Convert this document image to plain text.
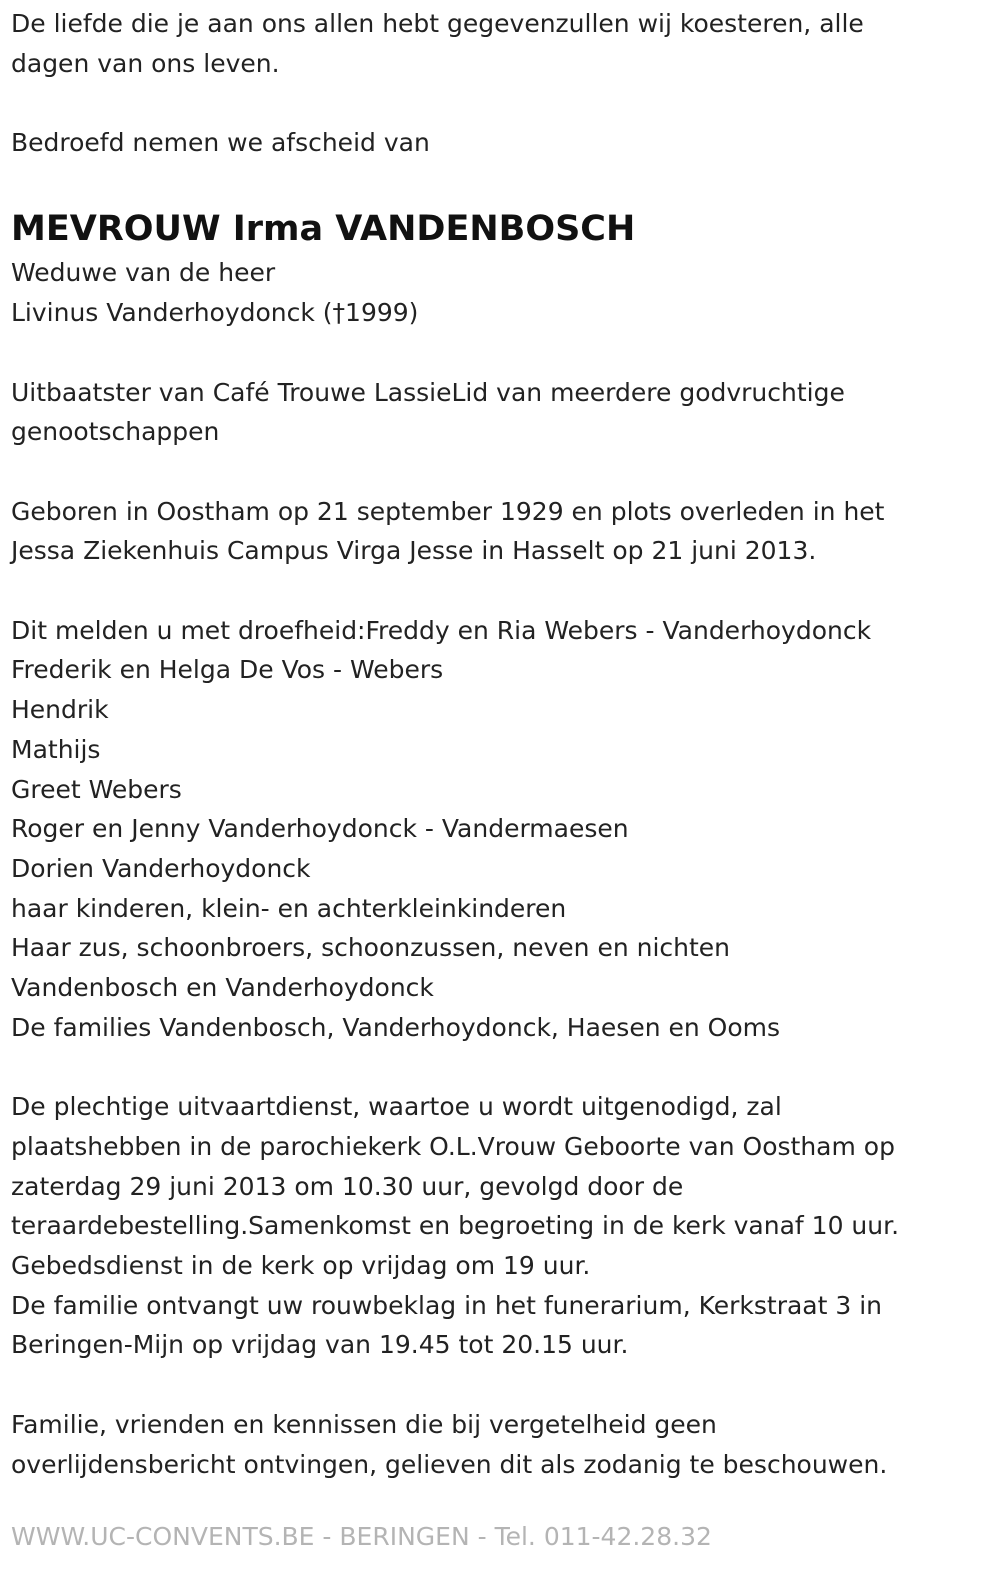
De liefde die je aan ons allen hebt gegevenzullen wij koesteren, alle
dagen van ons leven.
Bedroefd nemen we afscheid van
MEVROUW Irma VANDENBOSCH
Weduwe van de heer
Livinus Vanderhoydonck (†1999)
Uitbaatster van Café Trouwe LassieLid van meerdere godvruchtige
genootschappen
Geboren in Oostham op 21 september 1929 en plots overleden in het
Jessa Ziekenhuis Campus Virga Jesse in Hasselt op 21 juni 2013.
Dit melden u met droefheid:Freddy en Ria Webers - Vanderhoydonck
Frederik en Helga De Vos - Webers
Hendrik
Mathijs
Greet Webers
Roger en Jenny Vanderhoydonck - Vandermaesen
Dorien Vanderhoydonck
haar kinderen, klein- en achterkleinkinderen
Haar zus, schoonbroers, schoonzussen, neven en nichten
Vandenbosch en Vanderhoydonck
De families Vandenbosch, Vanderhoydonck, Haesen en Ooms
De plechtige uitvaartdienst, waartoe u wordt uitgenodigd, zal
plaatshebben in de parochiekerk O.L.Vrouw Geboorte van Oostham op
zaterdag 29 juni 2013 om 10.30 uur, gevolgd door de
teraardebestelling.Samenkomst en begroeting in de kerk vanaf 10 uur.
Gebedsdienst in de kerk op vrijdag om 19 uur.
De familie ontvangt uw rouwbeklag in het funerarium, Kerkstraat 3 in
Beringen-Mijn op vrijdag van 19.45 tot 20.15 uur.
Familie, vrienden en kennissen die bij vergetelheid geen
overlijdensbericht ontvingen, gelieven dit als zodanig te beschouwen.
WWW.UC-CONVENTS.BE - BERINGEN - Tel. 011-42.28.32
